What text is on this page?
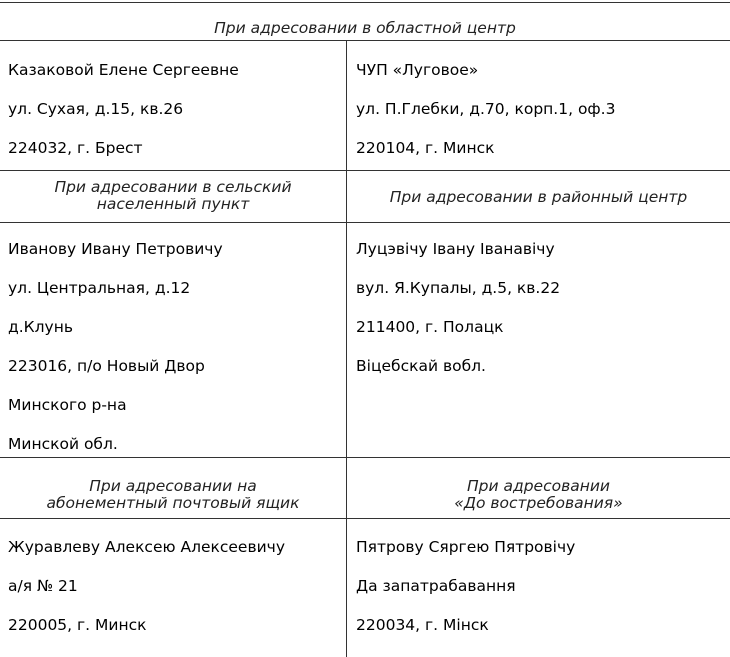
При адресовании в областной центр
Казаковой Елене Сергеевне
ул. Сухая, д.15, кв.26
224032, г. Брест
ЧУП «Луговое»
ул. П.Глебки, д.70, корп.1, оф.3
220104, г. Минск
При адресовании в сельский
населенный пункт	При адресовании в районный центр
Иванову Ивану Петровичу
ул. Центральная, д.12
д.Клунь
223016, п/о Новый Двор
Минского р-на
Минской обл.
Луцэвічу Івану Іванавічу
вул. Я.Купалы, д.5, кв.22
211400, г. Полацк
Віцебскай вобл.
При адресовании на
абонементный почтовый ящик
При адресовании
«До востребования»
Журавлеву Алексею Алексеевичу
а/я № 21
220005, г. Минск
Пятрову Сяргею Пятровічу
Да запатрабавання
220034, г. Мінск
